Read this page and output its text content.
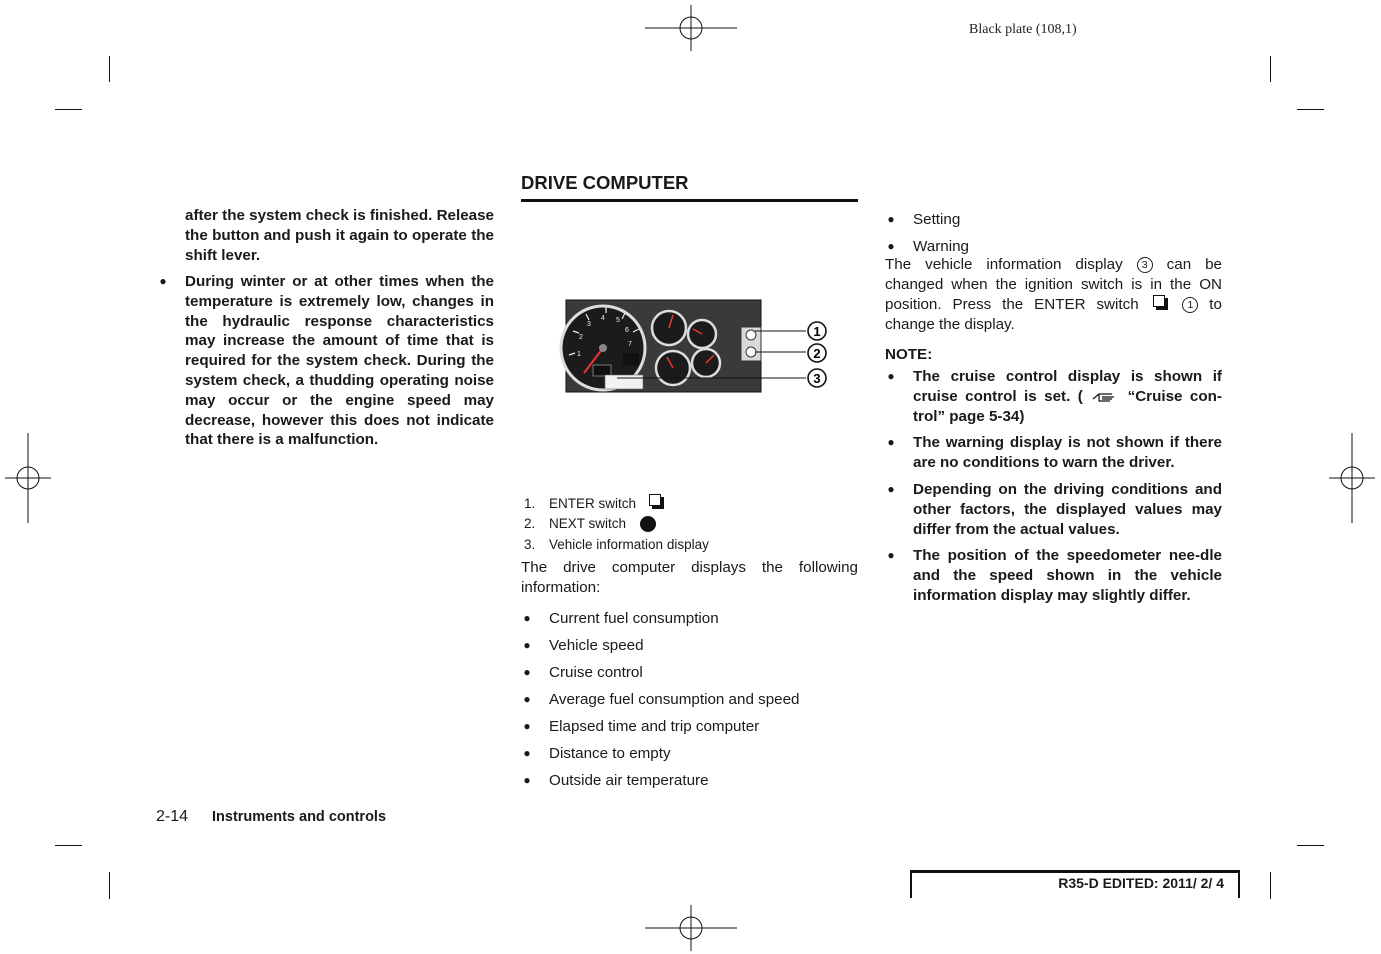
Black plate (108,1)
after the system check is finished. Release the button and push it again to operate the shift lever.
● During winter or at other times when the temperature is extremely low, changes in the hydraulic response characteristics may increase the amount of time that is required for the system check. During the system check, a thudding operating noise may occur or the engine speed may decrease, however this does not indicate that there is a malfunction.
DRIVE COMPUTER
1
2
3
4 5
6
7
1
2
3
1. ENTER switch
2. NEXT switch
3. Vehicle information display
The drive computer displays the following information:
● Current fuel consumption
● Vehicle speed
● Cruise control
● Average fuel consumption and speed
● Elapsed time and trip computer
● Distance to empty
● Outside air temperature
● Setting
● Warning
The vehicle information display 3 can be changed when the ignition switch is in the ON position. Press the ENTER switch	1 to change the display.
NOTE:
● The cruise control display is shown if cruise control is set. (	“Cruise con-trol” page 5-34)
● The warning display is not shown if there are no conditions to warn the driver.
● Depending on the driving conditions and other factors, the displayed values may differ from the actual values.
● The position of the speedometer nee-dle and the speed shown in the vehicle information display may slightly differ.
2-14 Instruments and controls
R35-D EDITED: 2011/ 2/ 4
